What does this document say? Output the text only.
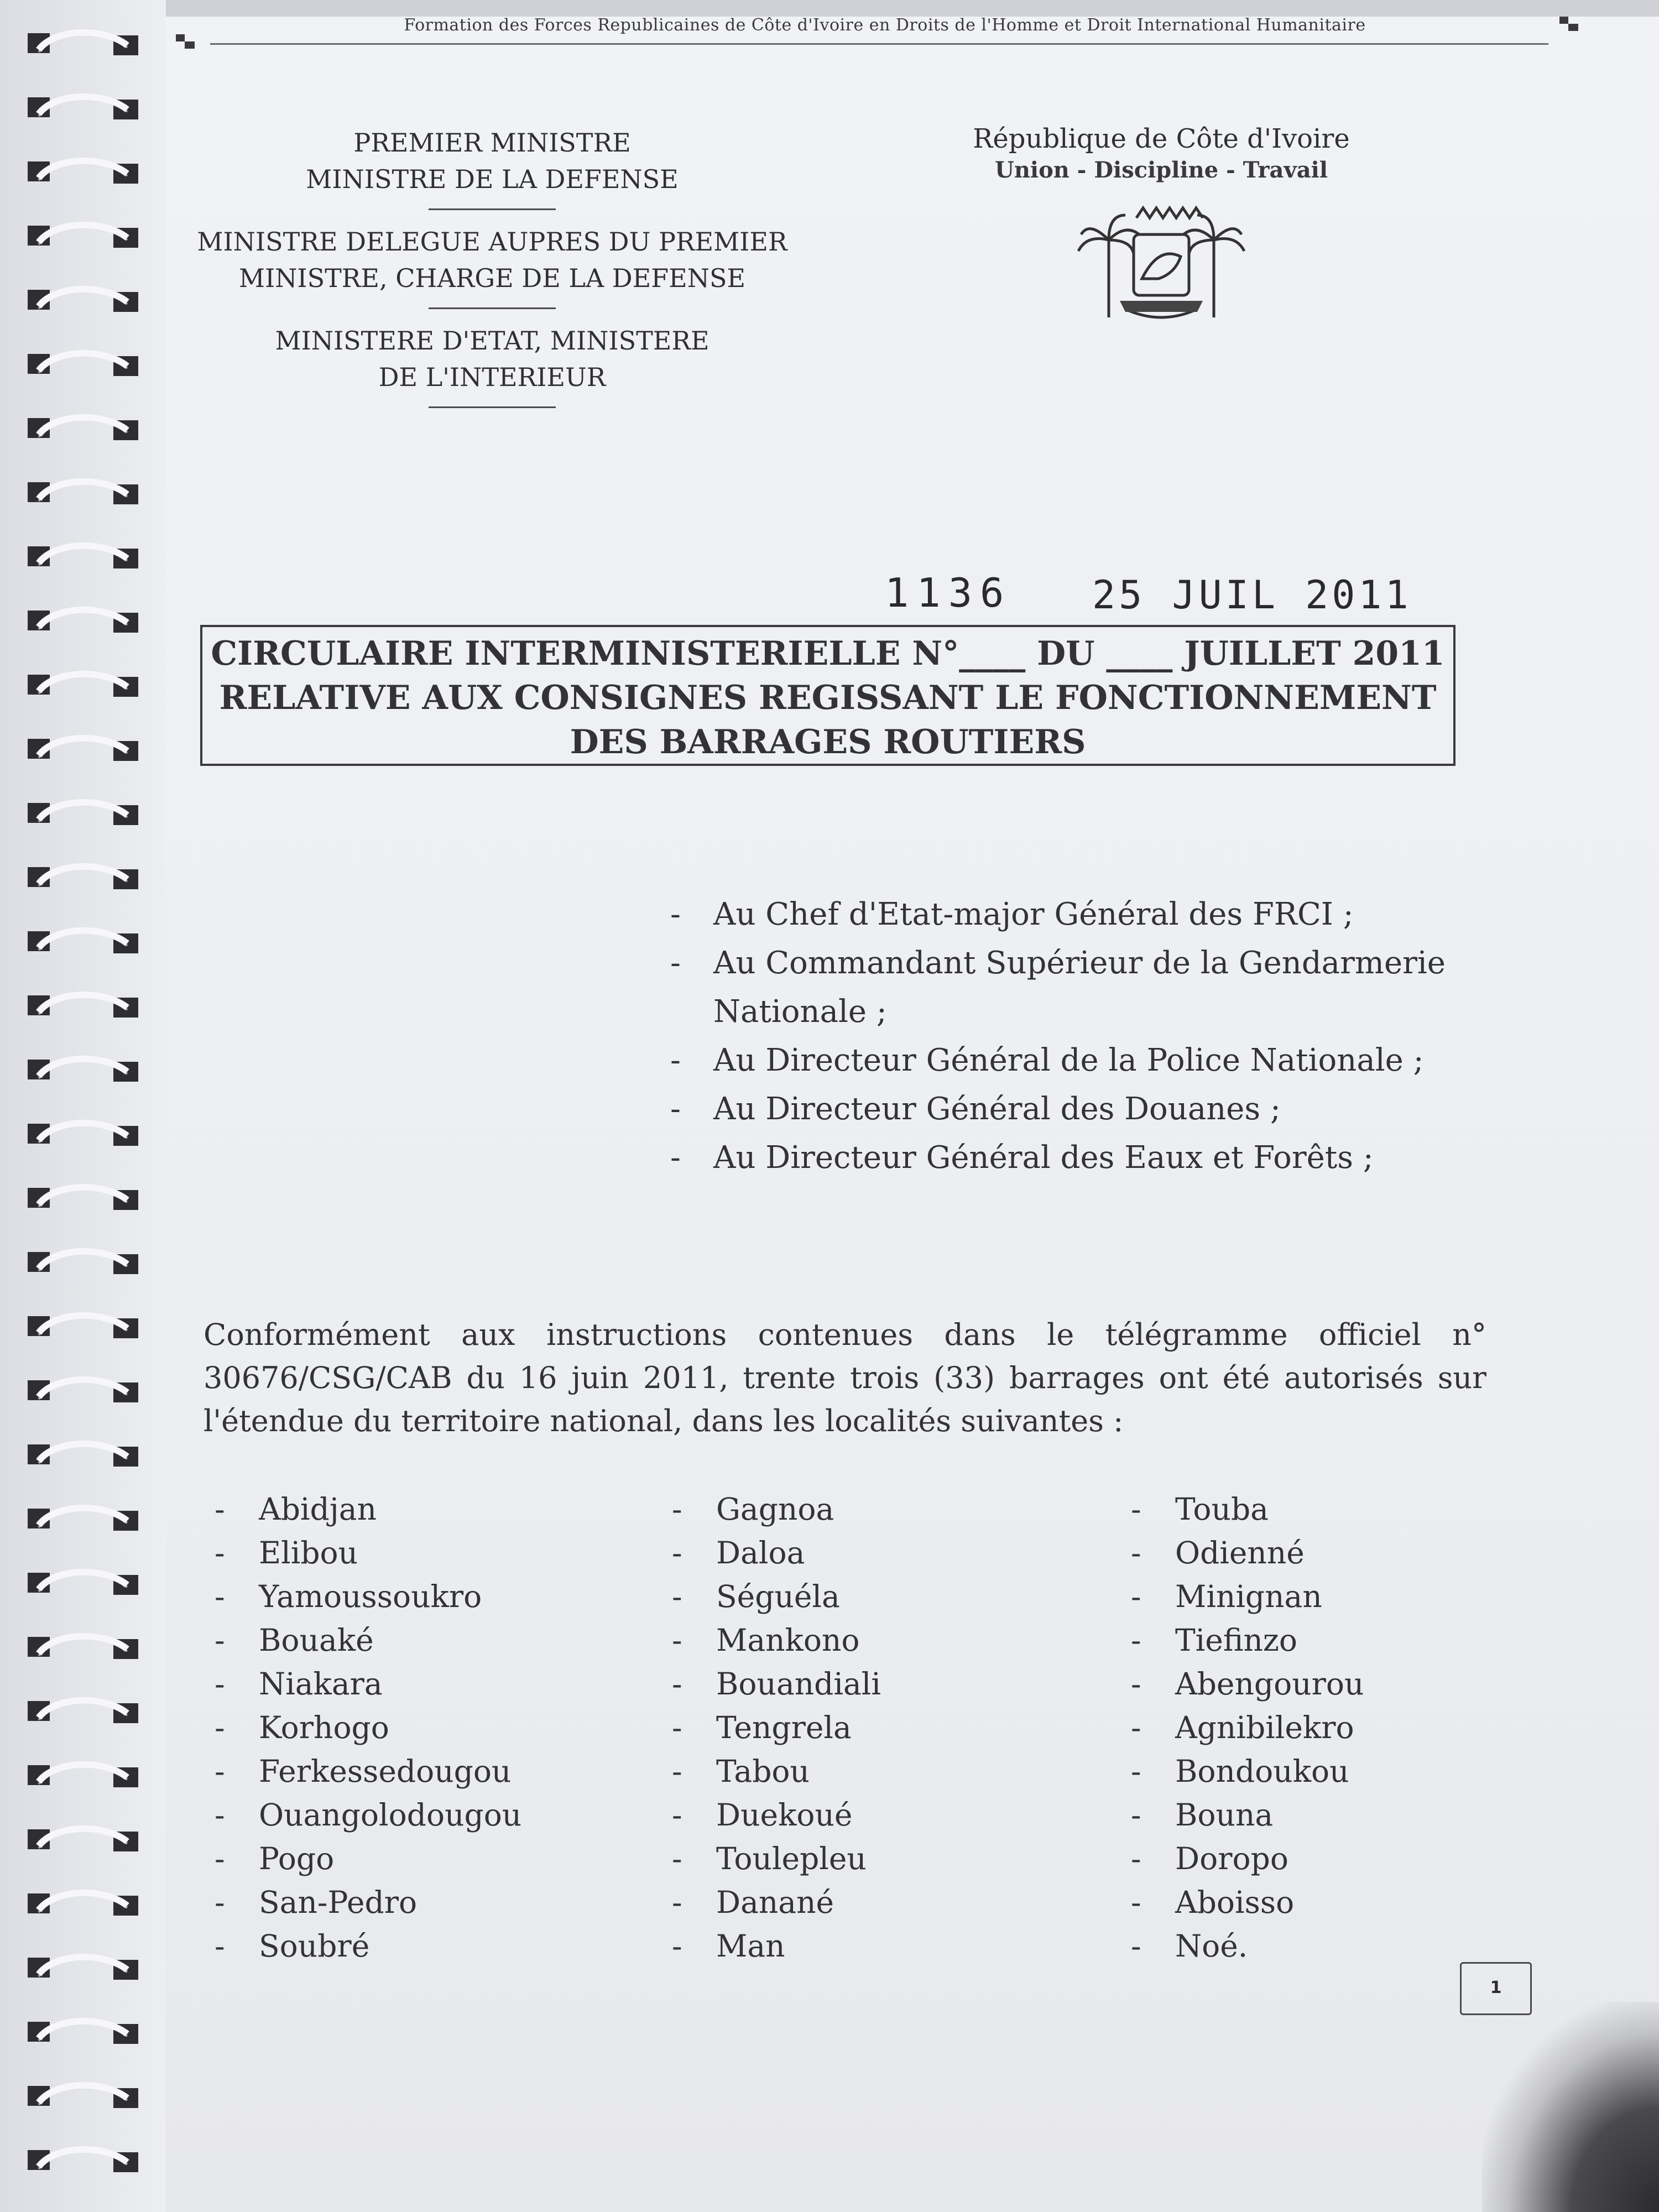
Formation des Forces Republicaines de Côte d'Ivoire en Droits de l'Homme et Droit International Humanitaire
PREMIER MINISTRE
MINISTRE DE LA DEFENSE
MINISTRE DELEGUE AUPRES DU PREMIER
MINISTRE, CHARGE DE LA DEFENSE
MINISTERE D'ETAT, MINISTERE
DE L'INTERIEUR
République de Côte d'Ivoire
Union - Discipline - Travail
1136 25 JUIL 2011
CIRCULAIRE INTERMINISTERIELLE N°____ DU ____ JUILLET 2011
RELATIVE AUX CONSIGNES REGISSANT LE FONCTIONNEMENT
DES BARRAGES ROUTIERS
- Au Chef d'Etat-major Général des FRCI ;
- Au Commandant Supérieur de la Gendarmerie Nationale ;
- Au Directeur Général de la Police Nationale ;
- Au Directeur Général des Douanes ;
- Au Directeur Général des Eaux et Forêts ;
Conformément aux instructions contenues dans le télégramme officiel n° 30676/CSG/CAB du 16 juin 2011, trente trois (33) barrages ont été autorisés sur l'étendue du territoire national, dans les localités suivantes :
- Abidjan
- Elibou
- Yamoussoukro
- Bouaké
- Niakara
- Korhogo
- Ferkessedougou
- Ouangolodougou
- Pogo
- San-Pedro
- Soubré
- Gagnoa
- Daloa
- Séguéla
- Mankono
- Bouandiali
- Tengrela
- Tabou
- Duekoué
- Toulepleu
- Danané
- Man
- Touba
- Odienné
- Minignan
- Tiefinzo
- Abengourou
- Agnibilekro
- Bondoukou
- Bouna
- Doropo
- Aboisso
- Noé.
1
